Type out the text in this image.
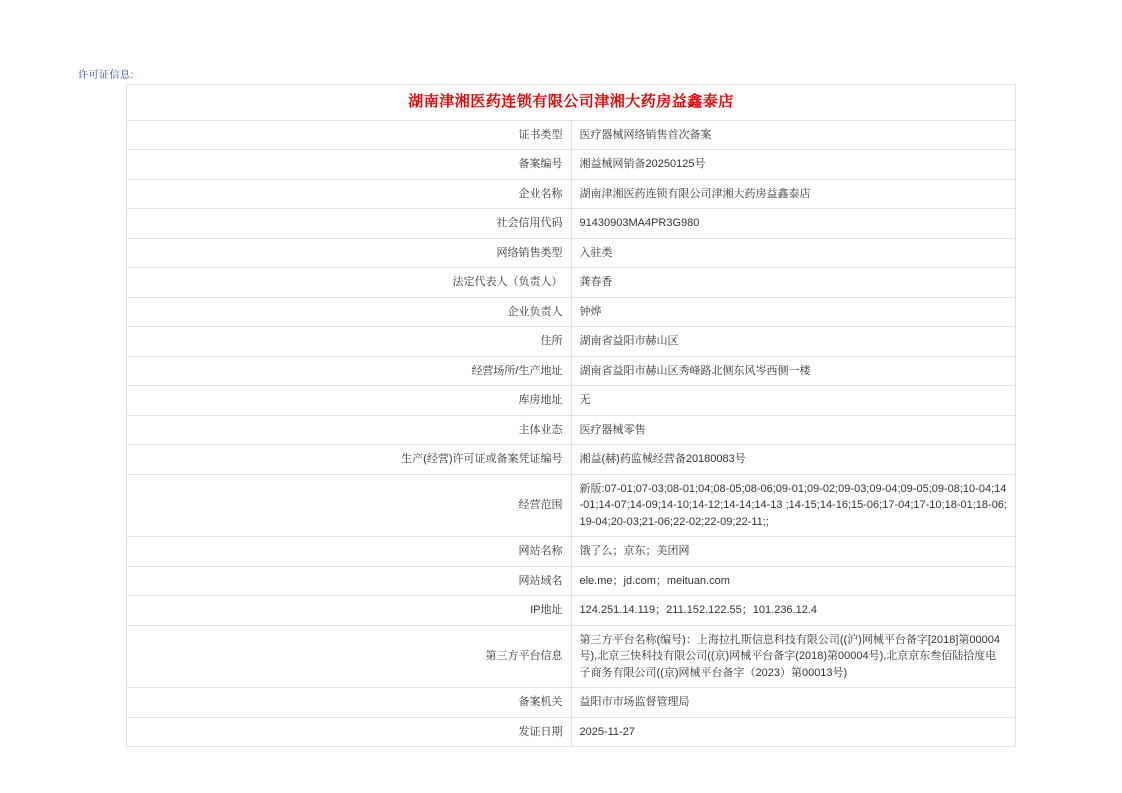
许可证信息:
湖南津湘医药连锁有限公司津湘大药房益鑫泰店	
证书类型	医疗器械网络销售首次备案
备案编号	湘益械网销备20250125号
企业名称	湖南津湘医药连锁有限公司津湘大药房益鑫泰店
社会信用代码	91430903MA4PR3G980
网络销售类型	入驻类
法定代表人（负责人）	龚春香
企业负责人	钟烨
住所	湖南省益阳市赫山区
经营场所/生产地址	湖南省益阳市赫山区秀峰路北侧东风岑西侧一楼
库房地址	无
主体业态	医疗器械零售
生产(经营)许可证或备案凭证编号	湘益(赫)药监械经营备20180083号
经营范围	新版:07-01;07-03;08-01;04;08-05;08-06;09-01;09-02;09-03;09-04;09-05;09-08;10-04;14-01;14-07;14-09;14-10;14-12;14-14;14-13 ;14-15;14-16;15-06;17-04;17-10;18-01;18-06;19-04;20-03;21-06;22-02;22-09;22-11;;
网站名称	饿了么；京东；美团网
网站域名	ele.me；jd.com；meituan.com
IP地址	124.251.14.119；211.152.122.55；101.236.12.4
第三方平台信息	第三方平台名称(编号)：上海拉扎斯信息科技有限公司((沪)网械平台备字[2018]第00004号),北京三快科技有限公司((京)网械平台备字(2018)第00004号),北京京东叁佰陆拾度电子商务有限公司((京)网械平台备字（2023）第00013号)
备案机关	益阳市市场监督管理局
发证日期	2025-11-27
